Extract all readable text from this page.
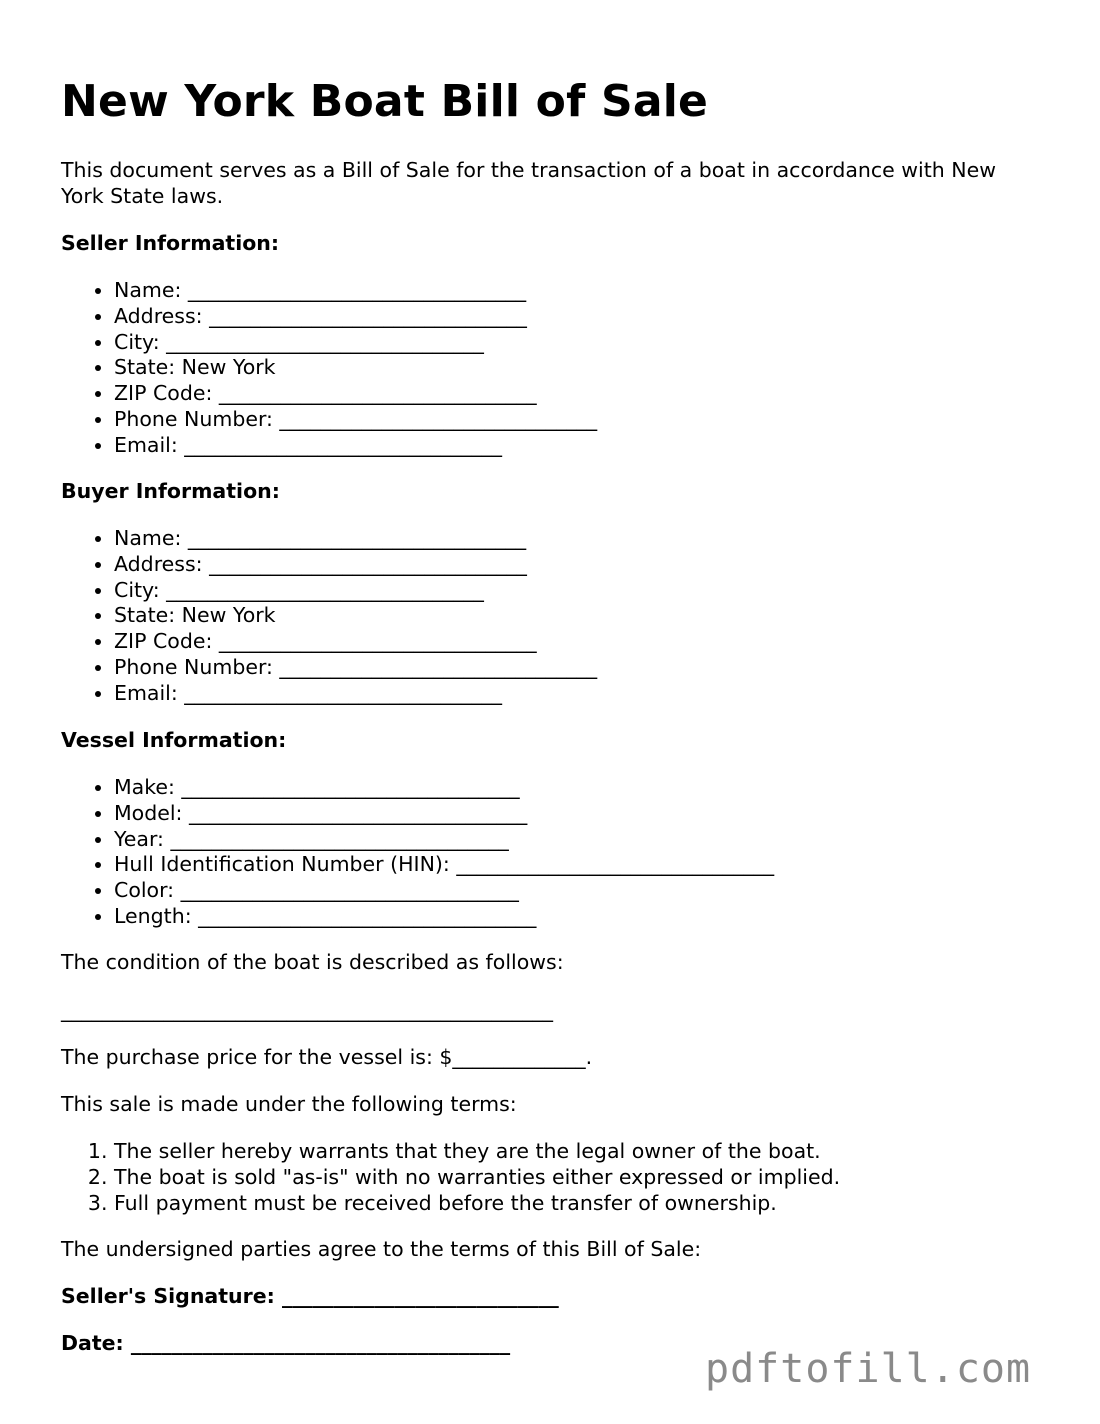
New York Boat Bill of Sale

This document serves as a Bill of Sale for the transaction of a boat in accordance with New York State laws.

Seller Information:

• Name: _________________________________
• Address: _______________________________
• City: _______________________________
• State: New York
• ZIP Code: _______________________________
• Phone Number: _______________________________
• Email: _______________________________

Buyer Information:

• Name: _________________________________
• Address: _______________________________
• City: _______________________________
• State: New York
• ZIP Code: _______________________________
• Phone Number: _______________________________
• Email: _______________________________

Vessel Information:

• Make: _________________________________
• Model: _________________________________
• Year: _________________________________
• Hull Identification Number (HIN): _______________________________
• Color: _________________________________
• Length: _________________________________

The condition of the boat is described as follows:

________________________________________________

The purchase price for the vessel is: $_____________.

This sale is made under the following terms:

1. The seller hereby warrants that they are the legal owner of the boat.
2. The boat is sold "as-is" with no warranties either expressed or implied.
3. Full payment must be received before the transfer of ownership.

The undersigned parties agree to the terms of this Bill of Sale:

Seller's Signature: ___________________________

Date: _____________________________________

pdftofill.com
